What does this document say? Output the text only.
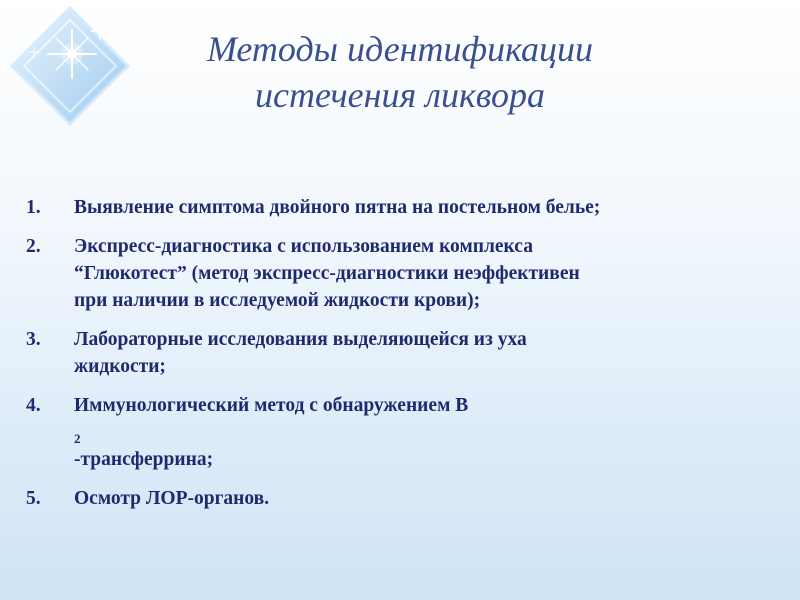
Методы идентификации
истечения ликвора
1.	Выявление симптома двойного пятна на постельном белье;
2.	Экспресс-диагностика с использованием комплекса
“Глюкотест” (метод экспресс-диагностики неэффективен
при наличии в исследуемой жидкости крови);
3.	Лабораторные исследования выделяющейся из уха
жидкости;
4.	Иммунологический метод с обнаружением B
$_2$
-трансферрина;
5.	Осмотр ЛОР-органов.
